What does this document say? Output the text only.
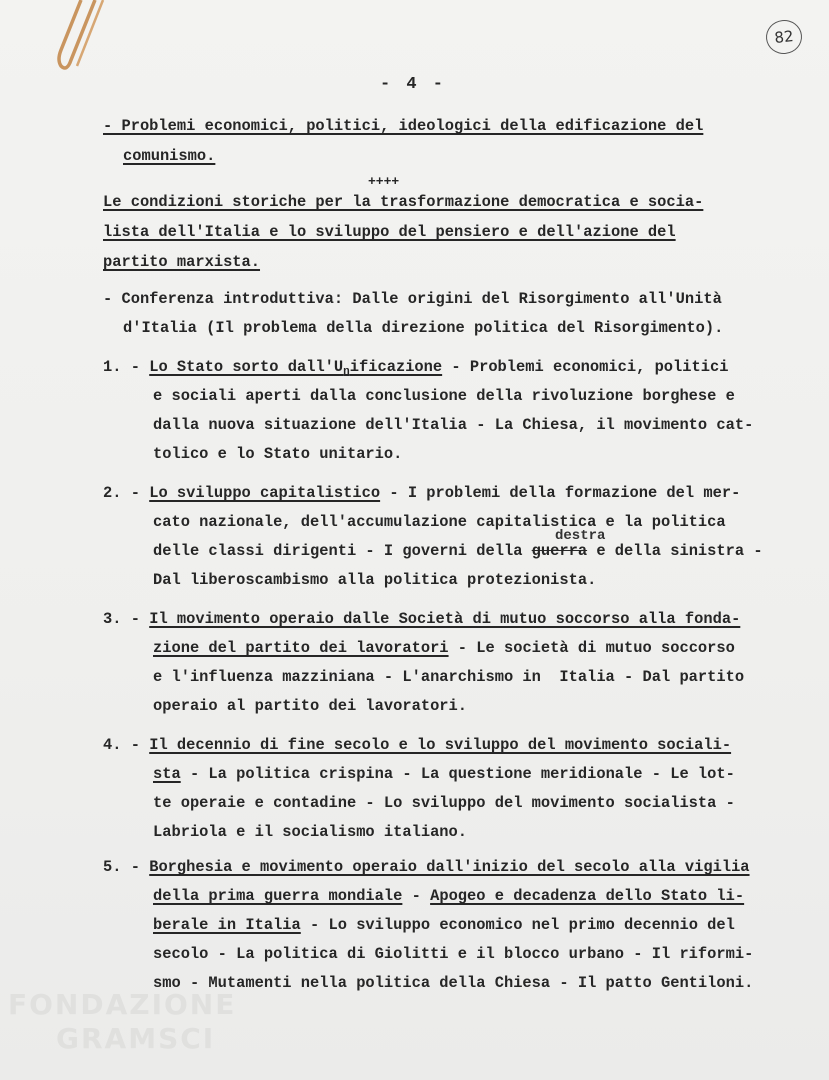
82
- 4 -
- Problemi economici, politici, ideologici della edificazione del
comunismo.
++++
Le condizioni storiche per la trasformazione democratica e socia-
lista dell'Italia e lo sviluppo del pensiero e dell'azione del
partito marxista.
- Conferenza introduttiva: Dalle origini del Risorgimento all'Unità
d'Italia (Il problema della direzione politica del Risorgimento).
1. - Lo Stato sorto dall'Unificazione - Problemi economici, politici
e sociali aperti dalla conclusione della rivoluzione borghese e
dalla nuova situazione dell'Italia - La Chiesa, il movimento cat-
tolico e lo Stato unitario.
2. - Lo sviluppo capitalistico - I problemi della formazione del mer-
cato nazionale, dell'accumulazione capitalistica e la politica
destra
delle classi dirigenti - I governi della guerra e della sinistra -
Dal liberoscambismo alla politica protezionista.
3. - Il movimento operaio dalle Società di mutuo soccorso alla fonda-
zione del partito dei lavoratori - Le società di mutuo soccorso
e l'influenza mazziniana - L'anarchismo in  Italia - Dal partito
operaio al partito dei lavoratori.
4. - Il decennio di fine secolo e lo sviluppo del movimento sociali-
sta - La politica crispina - La questione meridionale - Le lot-
te operaie e contadine - Lo sviluppo del movimento socialista -
Labriola e il socialismo italiano.
5. - Borghesia e movimento operaio dall'inizio del secolo alla vigilia
della prima guerra mondiale - Apogeo e decadenza dello Stato li-
berale in Italia - Lo sviluppo economico nel primo decennio del
secolo - La politica di Giolitti e il blocco urbano - Il riformi-
smo - Mutamenti nella politica della Chiesa - Il patto Gentiloni.
FONDAZIONE
GRAMSCI
